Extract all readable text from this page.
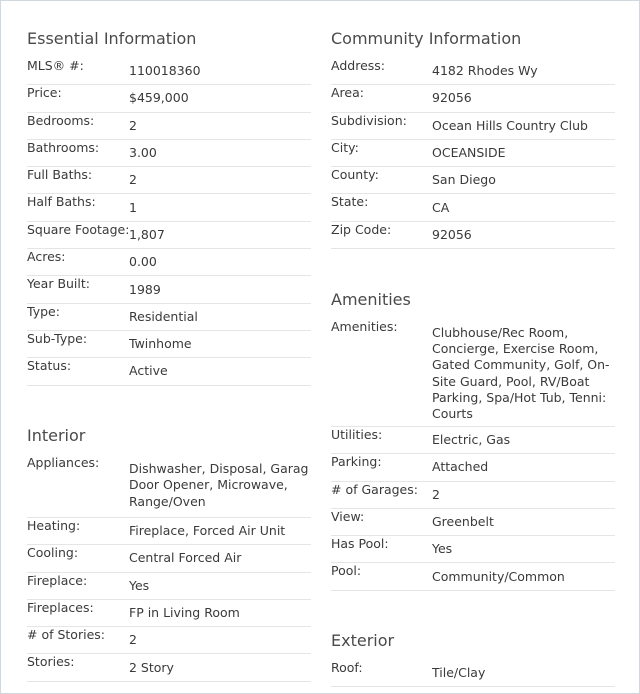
Essential Information
MLS® #:	110018360
Price:	$459,000
Bedrooms:	2
Bathrooms: 3.00
Full Baths:	2
Half Baths:	1
Square Footage: 1,807
Acres:	0.00
Year Built:	1989
Type:	Residential
Sub-Type:	Twinhome
Status:	Active
Interior
Appliances: Dishwasher, Disposal, Garag
Door Opener, Microwave,
Range/Oven
Heating:	Fireplace, Forced Air Unit
Cooling:	Central Forced Air
Fireplace:	Yes
Fireplaces:	FP in Living Room
# of Stories: 2
Stories:	2 Story
Community Information
Address:	4182 Rhodes Wy
Area:	92056
Subdivision: Ocean Hills Country Club
City:	OCEANSIDE
County:	San Diego
State:	CA
Zip Code:	92056
Amenities
Amenities:	Clubhouse/Rec Room,
Concierge, Exercise Room,
Gated Community, Golf, On-
Site Guard, Pool, RV/Boat
Parking, Spa/Hot Tub, Tenni:
Courts
Utilities:	Electric, Gas
Parking:	Attached
# of Garages: 2
View:	Greenbelt
Has Pool:	Yes
Pool:	Community/Common
Exterior
Roof:	Tile/Clay
